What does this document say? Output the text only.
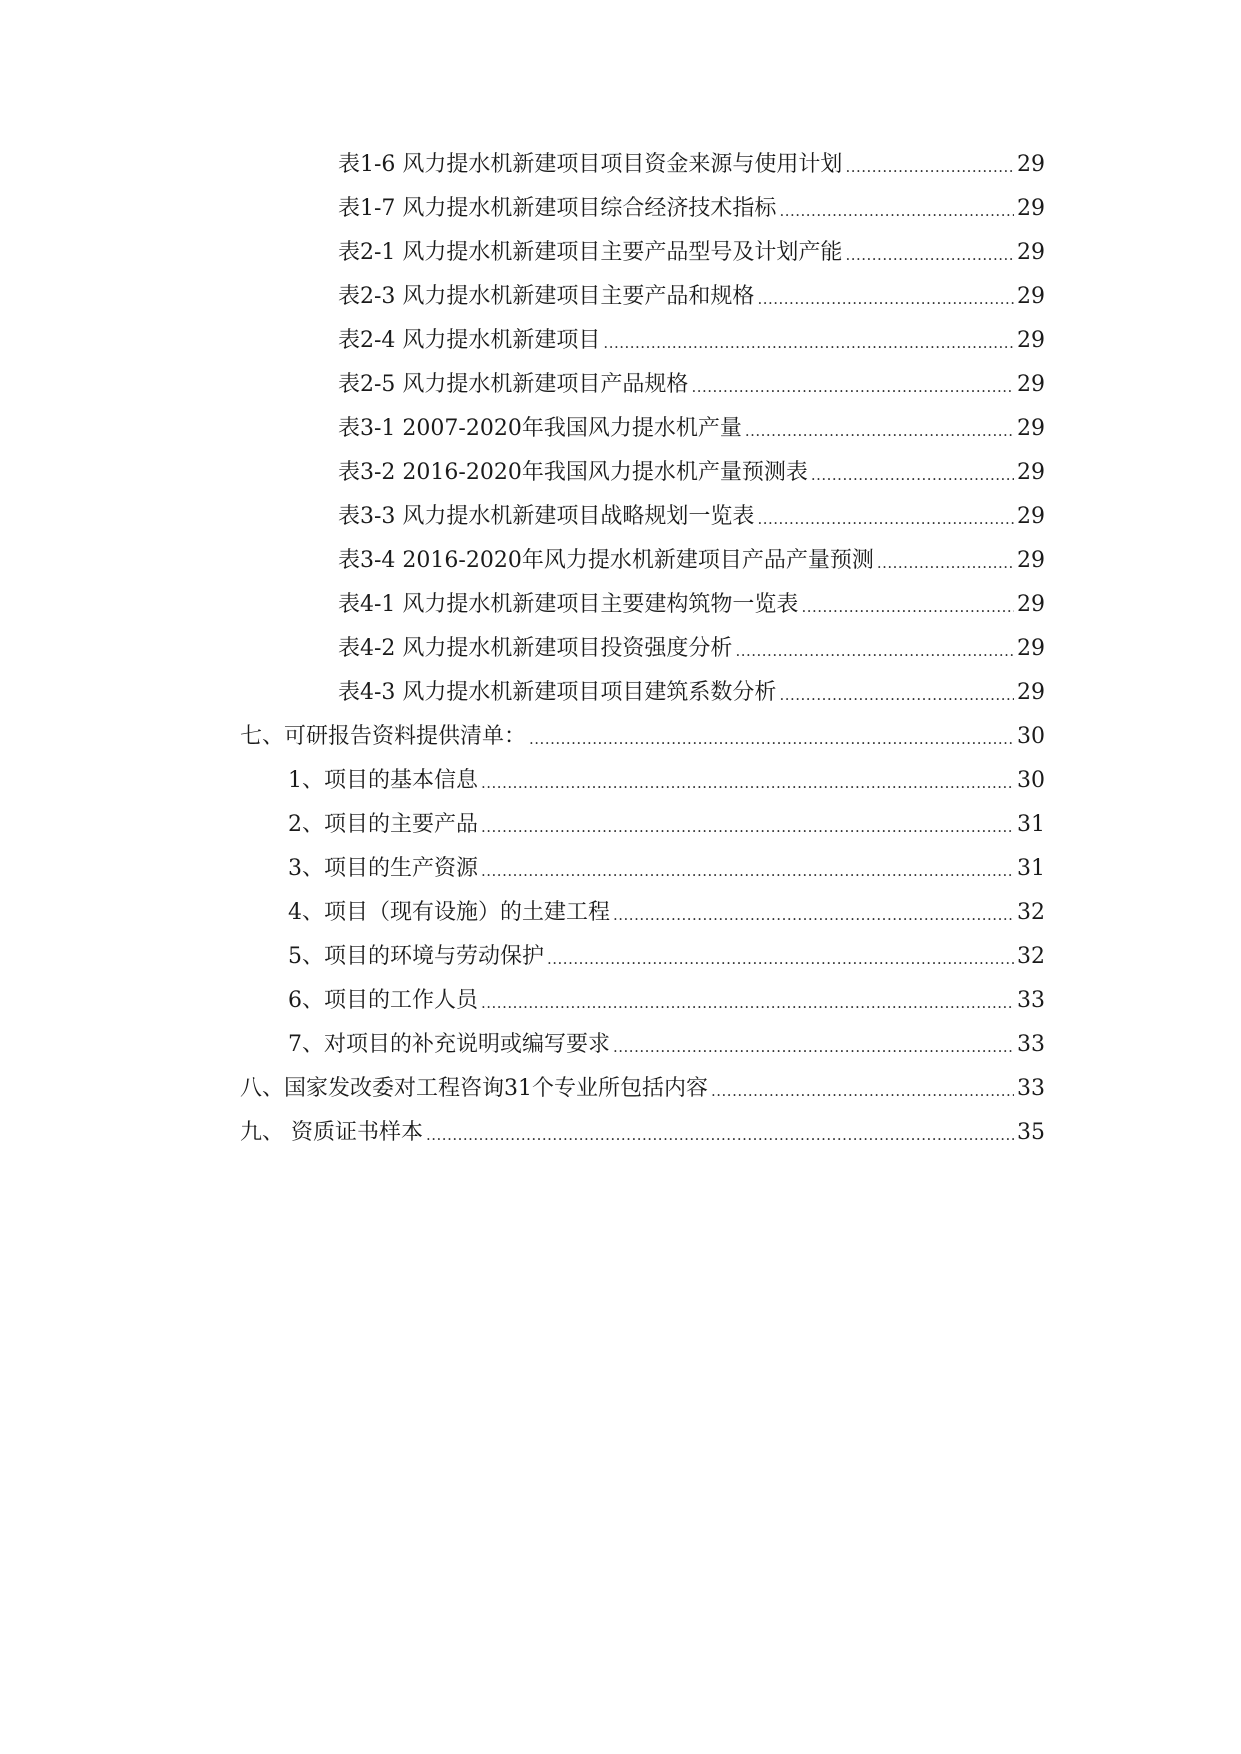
表1-6 风力提水机新建项目项目资金来源与使用计划 .....	29
表1-7 风力提水机新建项目综合经济技术指标 .....	29
表2-1 风力提水机新建项目主要产品型号及计划产能 .....	29
表2-3 风力提水机新建项目主要产品和规格 .....	29
表2-4 风力提水机新建项目 .....	29
表2-5 风力提水机新建项目产品规格 .....	29
表3-1 2007-2020年我国风力提水机产量 .....	29
表3-2 2016-2020年我国风力提水机产量预测表 .....	29
表3-3 风力提水机新建项目战略规划一览表 .....	29
表3-4 2016-2020年风力提水机新建项目产品产量预测 .....	29
表4-1 风力提水机新建项目主要建构筑物一览表 .....	29
表4-2 风力提水机新建项目投资强度分析 .....	29
表4-3 风力提水机新建项目项目建筑系数分析 .....	29
七、可研报告资料提供清单： .....	30
1、项目的基本信息 .....	30
2、项目的主要产品 .....	31
3、项目的生产资源 .....	31
4、项目（现有设施）的土建工程 .....	32
5、项目的环境与劳动保护 .....	32
6、项目的工作人员 .....	33
7、对项目的补充说明或编写要求 .....	33
八、国家发改委对工程咨询31个专业所包括内容 .....	33
九、 资质证书样本 .....	35
